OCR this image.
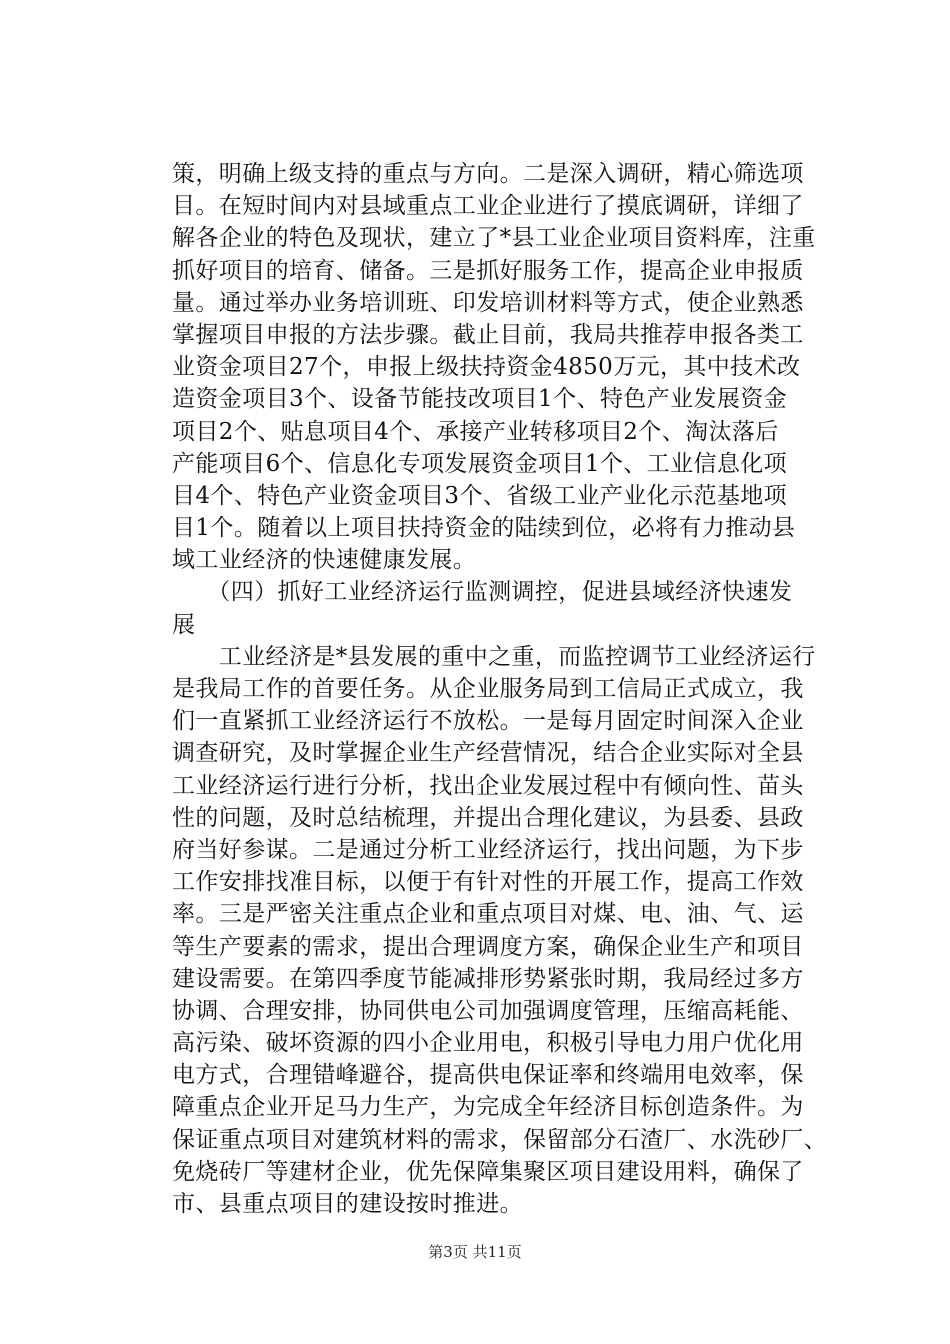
策，明确上级支持的重点与方向。二是深入调研，精心筛选项
目。在短时间内对县域重点工业企业进行了摸底调研，详细了
解各企业的特色及现状，建立了*县工业企业项目资料库，注重
抓好项目的培育、储备。三是抓好服务工作，提高企业申报质
量。通过举办业务培训班、印发培训材料等方式，使企业熟悉
掌握项目申报的方法步骤。截止目前，我局共推荐申报各类工
业资金项目27个，申报上级扶持资金4850万元，其中技术改
造资金项目3个、设备节能技改项目1个、特色产业发展资金
项目2个、贴息项目4个、承接产业转移项目2个、淘汰落后
产能项目6个、信息化专项发展资金项目1个、工业信息化项
目4个、特色产业资金项目3个、省级工业产业化示范基地项
目1个。随着以上项目扶持资金的陆续到位，必将有力推动县
域工业经济的快速健康发展。
　　（四）抓好工业经济运行监测调控，促进县域经济快速发
展
　　工业经济是*县发展的重中之重，而监控调节工业经济运行
是我局工作的首要任务。从企业服务局到工信局正式成立，我
们一直紧抓工业经济运行不放松。一是每月固定时间深入企业
调查研究，及时掌握企业生产经营情况，结合企业实际对全县
工业经济运行进行分析，找出企业发展过程中有倾向性、苗头
性的问题，及时总结梳理，并提出合理化建议，为县委、县政
府当好参谋。二是通过分析工业经济运行，找出问题，为下步
工作安排找准目标，以便于有针对性的开展工作，提高工作效
率。三是严密关注重点企业和重点项目对煤、电、油、气、运
等生产要素的需求，提出合理调度方案，确保企业生产和项目
建设需要。在第四季度节能减排形势紧张时期，我局经过多方
协调、合理安排，协同供电公司加强调度管理，压缩高耗能、
高污染、破坏资源的四小企业用电，积极引导电力用户优化用
电方式，合理错峰避谷，提高供电保证率和终端用电效率，保
障重点企业开足马力生产，为完成全年经济目标创造条件。为
保证重点项目对建筑材料的需求，保留部分石渣厂、水洗砂厂、
免烧砖厂等建材企业，优先保障集聚区项目建设用料，确保了
市、县重点项目的建设按时推进。
第3页 共11页
